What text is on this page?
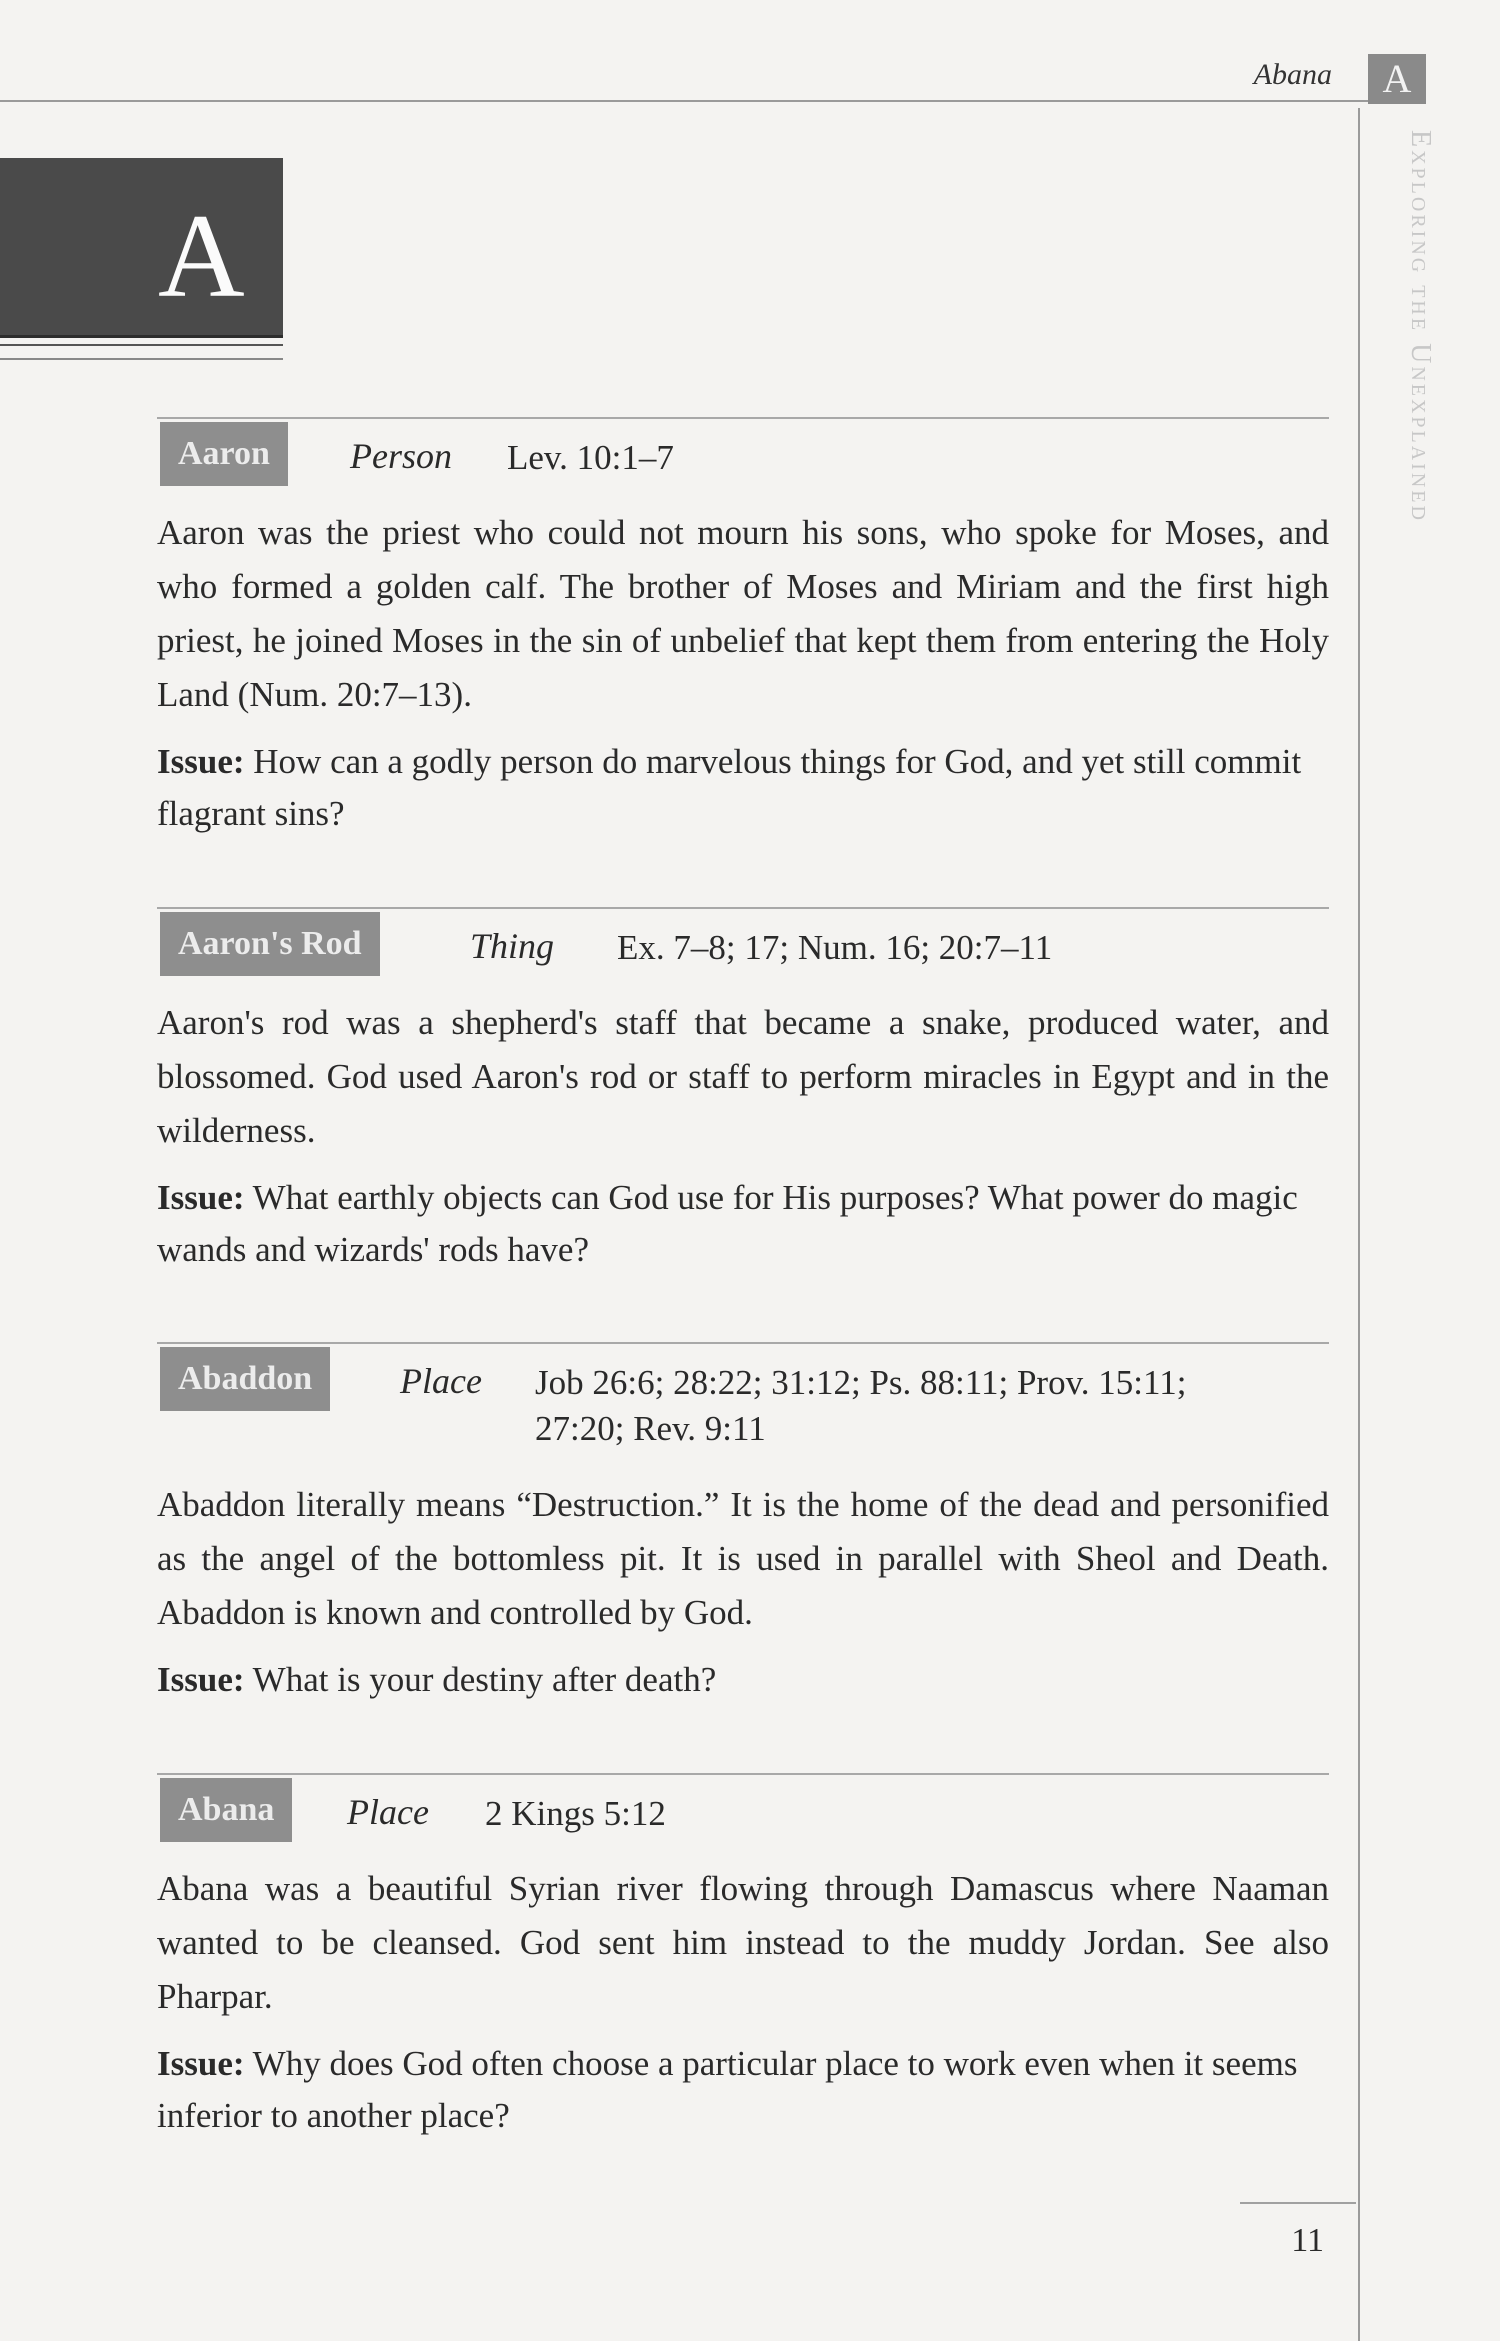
Abana	A
Exploring the Unexplained
A
Aaron	Person Lev. 10:1–7

Aaron was the priest who could not mourn his sons, who spoke for Moses, and who formed a golden calf. The brother of Moses and Miriam and the first high priest, he joined Moses in the sin of unbelief that kept them from entering the Holy Land (Num. 20:7–13).

Issue: How can a godly person do marvelous things for God, and yet still commit flagrant sins?

Aaron's Rod	Thing Ex. 7–8; 17; Num. 16; 20:7–11

Aaron's rod was a shepherd's staff that became a snake, produced water, and blossomed. God used Aaron's rod or staff to perform miracles in Egypt and in the wilderness.

Issue: What earthly objects can God use for His purposes? What power do magic wands and wizards' rods have?

Abaddon	Place Job 26:6; 28:22; 31:12; Ps. 88:11; Prov. 15:11; 27:20; Rev. 9:11

Abaddon literally means “Destruction.” It is the home of the dead and personified as the angel of the bottomless pit. It is used in parallel with Sheol and Death. Abaddon is known and controlled by God.

Issue: What is your destiny after death?

Abana	Place 2 Kings 5:12

Abana was a beautiful Syrian river flowing through Damascus where Naaman wanted to be cleansed. God sent him instead to the muddy Jordan. See also Pharpar.

Issue: Why does God often choose a particular place to work even when it seems inferior to another place?

11
